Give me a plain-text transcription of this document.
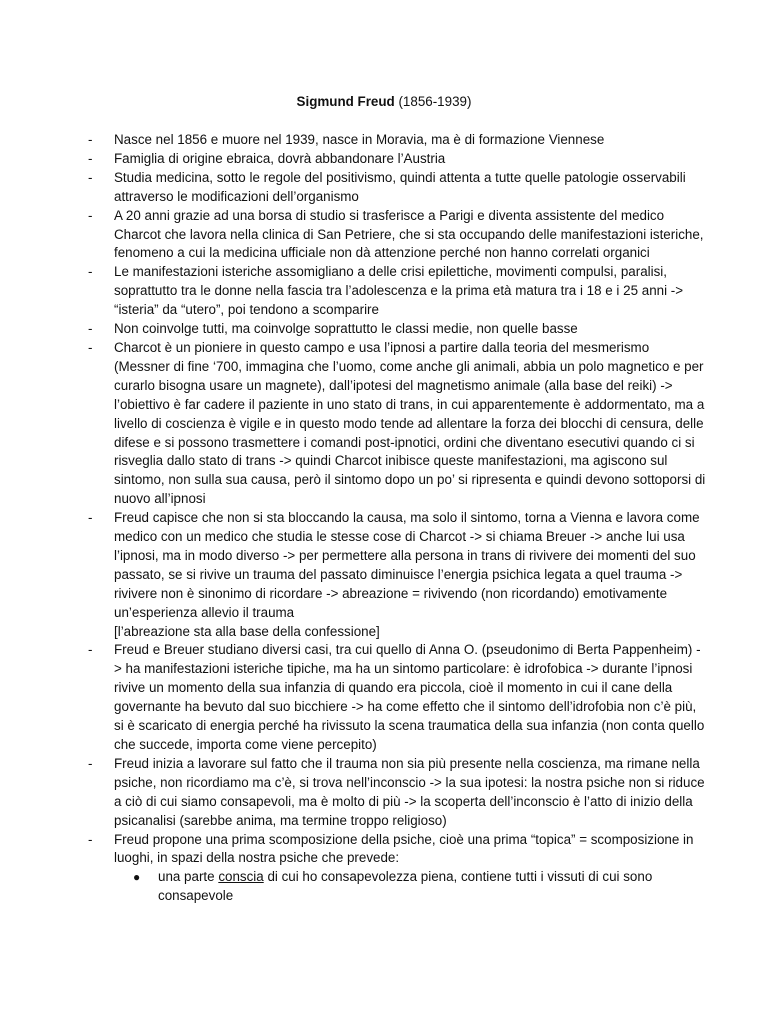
Sigmund Freud (1856-1939)
- Nasce nel 1856 e muore nel 1939, nasce in Moravia, ma è di formazione Viennese
- Famiglia di origine ebraica, dovrà abbandonare l’Austria
- Studia medicina, sotto le regole del positivismo, quindi attenta a tutte quelle patologie osservabili attraverso le modificazioni dell’organismo
- A 20 anni grazie ad una borsa di studio si trasferisce a Parigi e diventa assistente del medico Charcot che lavora nella clinica di San Petriere, che si sta occupando delle manifestazioni isteriche, fenomeno a cui la medicina ufficiale non dà attenzione perché non hanno correlati organici
- Le manifestazioni isteriche assomigliano a delle crisi epilettiche, movimenti compulsi, paralisi, soprattutto tra le donne nella fascia tra l’adolescenza e la prima età matura tra i 18 e i 25 anni -> “isteria” da “utero”, poi tendono a scomparire
- Non coinvolge tutti, ma coinvolge soprattutto le classi medie, non quelle basse
- Charcot è un pioniere in questo campo e usa l’ipnosi a partire dalla teoria del mesmerismo (Messner di fine ‘700, immagina che l’uomo, come anche gli animali, abbia un polo magnetico e per curarlo bisogna usare un magnete), dall’ipotesi del magnetismo animale (alla base del reiki) -> l’obiettivo è far cadere il paziente in uno stato di trans, in cui apparentemente è addormentato, ma a livello di coscienza è vigile e in questo modo tende ad allentare la forza dei blocchi di censura, delle difese e si possono trasmettere i comandi post-ipnotici, ordini che diventano esecutivi quando ci si risveglia dallo stato di trans -> quindi Charcot inibisce queste manifestazioni, ma agiscono sul sintomo, non sulla sua causa, però il sintomo dopo un po’ si ripresenta e quindi devono sottoporsi di nuovo all’ipnosi
- Freud capisce che non si sta bloccando la causa, ma solo il sintomo, torna a Vienna e lavora come medico con un medico che studia le stesse cose di Charcot -> si chiama Breuer -> anche lui usa l’ipnosi, ma in modo diverso -> per permettere alla persona in trans di rivivere dei momenti del suo passato, se si rivive un trauma del passato diminuisce l’energia psichica legata a quel trauma -> rivivere non è sinonimo di ricordare -> abreazione = rivivendo (non ricordando) emotivamente un’esperienza allevio il trauma
[l’abreazione sta alla base della confessione]
- Freud e Breuer studiano diversi casi, tra cui quello di Anna O. (pseudonimo di Berta Pappenheim) -> ha manifestazioni isteriche tipiche, ma ha un sintomo particolare: è idrofobica -> durante l’ipnosi rivive un momento della sua infanzia di quando era piccola, cioè il momento in cui il cane della governante ha bevuto dal suo bicchiere -> ha come effetto che il sintomo dell’idrofobia non c’è più, si è scaricato di energia perché ha rivissuto la scena traumatica della sua infanzia (non conta quello che succede, importa come viene percepito)
- Freud inizia a lavorare sul fatto che il trauma non sia più presente nella coscienza, ma rimane nella psiche, non ricordiamo ma c’è, si trova nell’inconscio -> la sua ipotesi: la nostra psiche non si riduce a ciò di cui siamo consapevoli, ma è molto di più -> la scoperta dell’inconscio è l’atto di inizio della psicanalisi (sarebbe anima, ma termine troppo religioso)
- Freud propone una prima scomposizione della psiche, cioè una prima “topica” = scomposizione in luoghi, in spazi della nostra psiche che prevede:
● una parte conscia di cui ho consapevolezza piena, contiene tutti i vissuti di cui sono consapevole
